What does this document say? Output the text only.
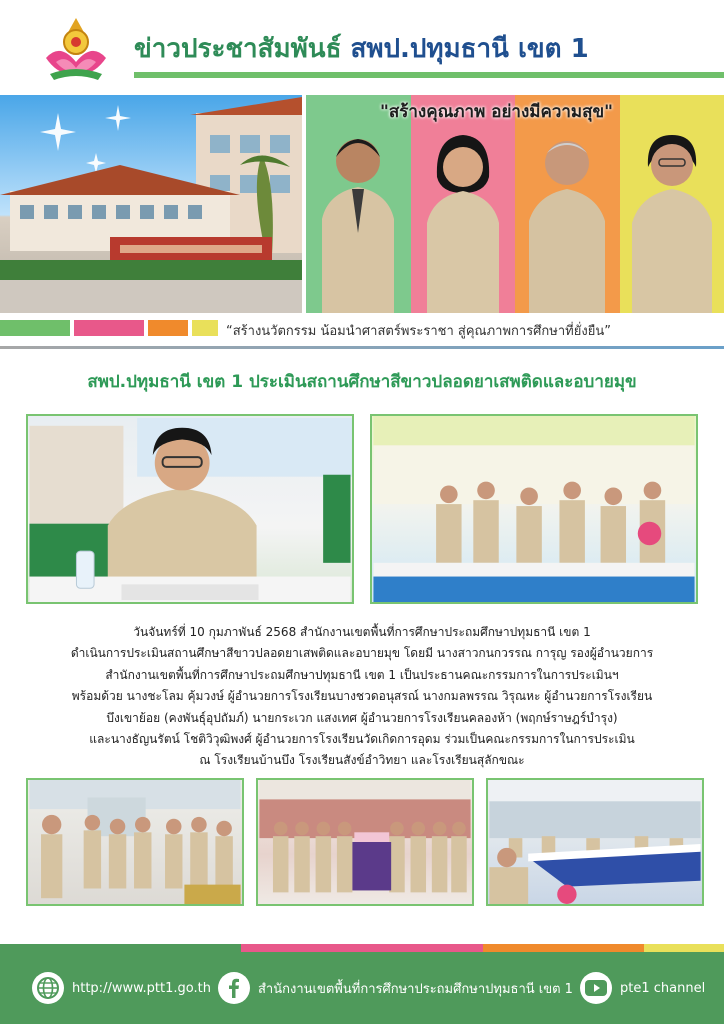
ข่าวประชาสัมพันธ์ สพป.ปทุมธานี เขต 1
"สร้างคุณภาพ อย่างมีความสุข"
“สร้างนวัตกรรม น้อมนำศาสตร์พระราชา สู่คุณภาพการศึกษาที่ยั่งยืน”
สพป.ปทุมธานี เขต 1 ประเมินสถานศึกษาสีขาวปลอดยาเสพติดและอบายมุข

วันจันทร์ที่ 10 กุมภาพันธ์ 2568 สำนักงานเขตพื้นที่การศึกษาประถมศึกษาปทุมธานี เขต 1

ดำเนินการประเมินสถานศึกษาสีขาวปลอดยาเสพติดและอบายมุข โดยมี นางสาวกนกวรรณ การุญ รองผู้อำนวยการ

สำนักงานเขตพื้นที่การศึกษาประถมศึกษาปทุมธานี เขต 1 เป็นประธานคณะกรรมการในการประเมินฯ

พร้อมด้วย นางชะโลม คุ้มวงษ์ ผู้อำนวยการโรงเรียนบางชวดอนุสรณ์ นางกมลพรรณ วิรุณหะ ผู้อำนวยการโรงเรียน

บึงเขาย้อย (คงพันธุ์อุปถัมภ์) นายกระเวก แสงเทศ ผู้อำนวยการโรงเรียนคลองห้า (พฤกษ์ราษฎร์บำรุง)

และนางธัญนรัตน์ โชติวิวุฒิพงศ์ ผู้อำนวยการโรงเรียนวัดเกิดการอุดม ร่วมเป็นคณะกรรมการในการประเมิน

ณ โรงเรียนบ้านบึง โรงเรียนสังข์อำวิทยา และโรงเรียนสุลักขณะ

http://www.ptt1.go.th	สำนักงานเขตพื้นที่การศึกษาประถมศึกษาปทุมธานี เขต 1	pte1 channel
